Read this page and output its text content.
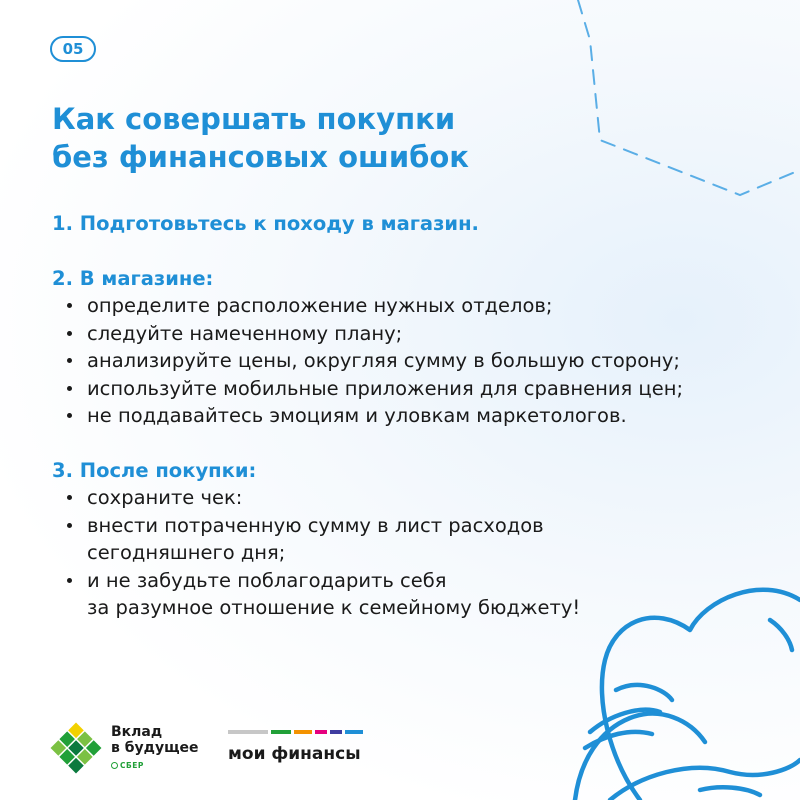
05
Как совершать покупки
без финансовых ошибок
1. Подготовьтесь к походу в магазин.
2. В магазине:
определите расположение нужных отделов;
следуйте намеченному плану;
анализируйте цены, округляя сумму в большую сторону;
используйте мобильные приложения для сравнения цен;
не поддавайтесь эмоциям и уловкам маркетологов.
3. После покупки:
сохраните чек:
внести потраченную сумму в лист расходов
сегодняшнего дня;
и не забудьте поблагодарить себя
за разумное отношение к семейному бюджету!
Вклад
в будущее
СБЕР
мои финансы
